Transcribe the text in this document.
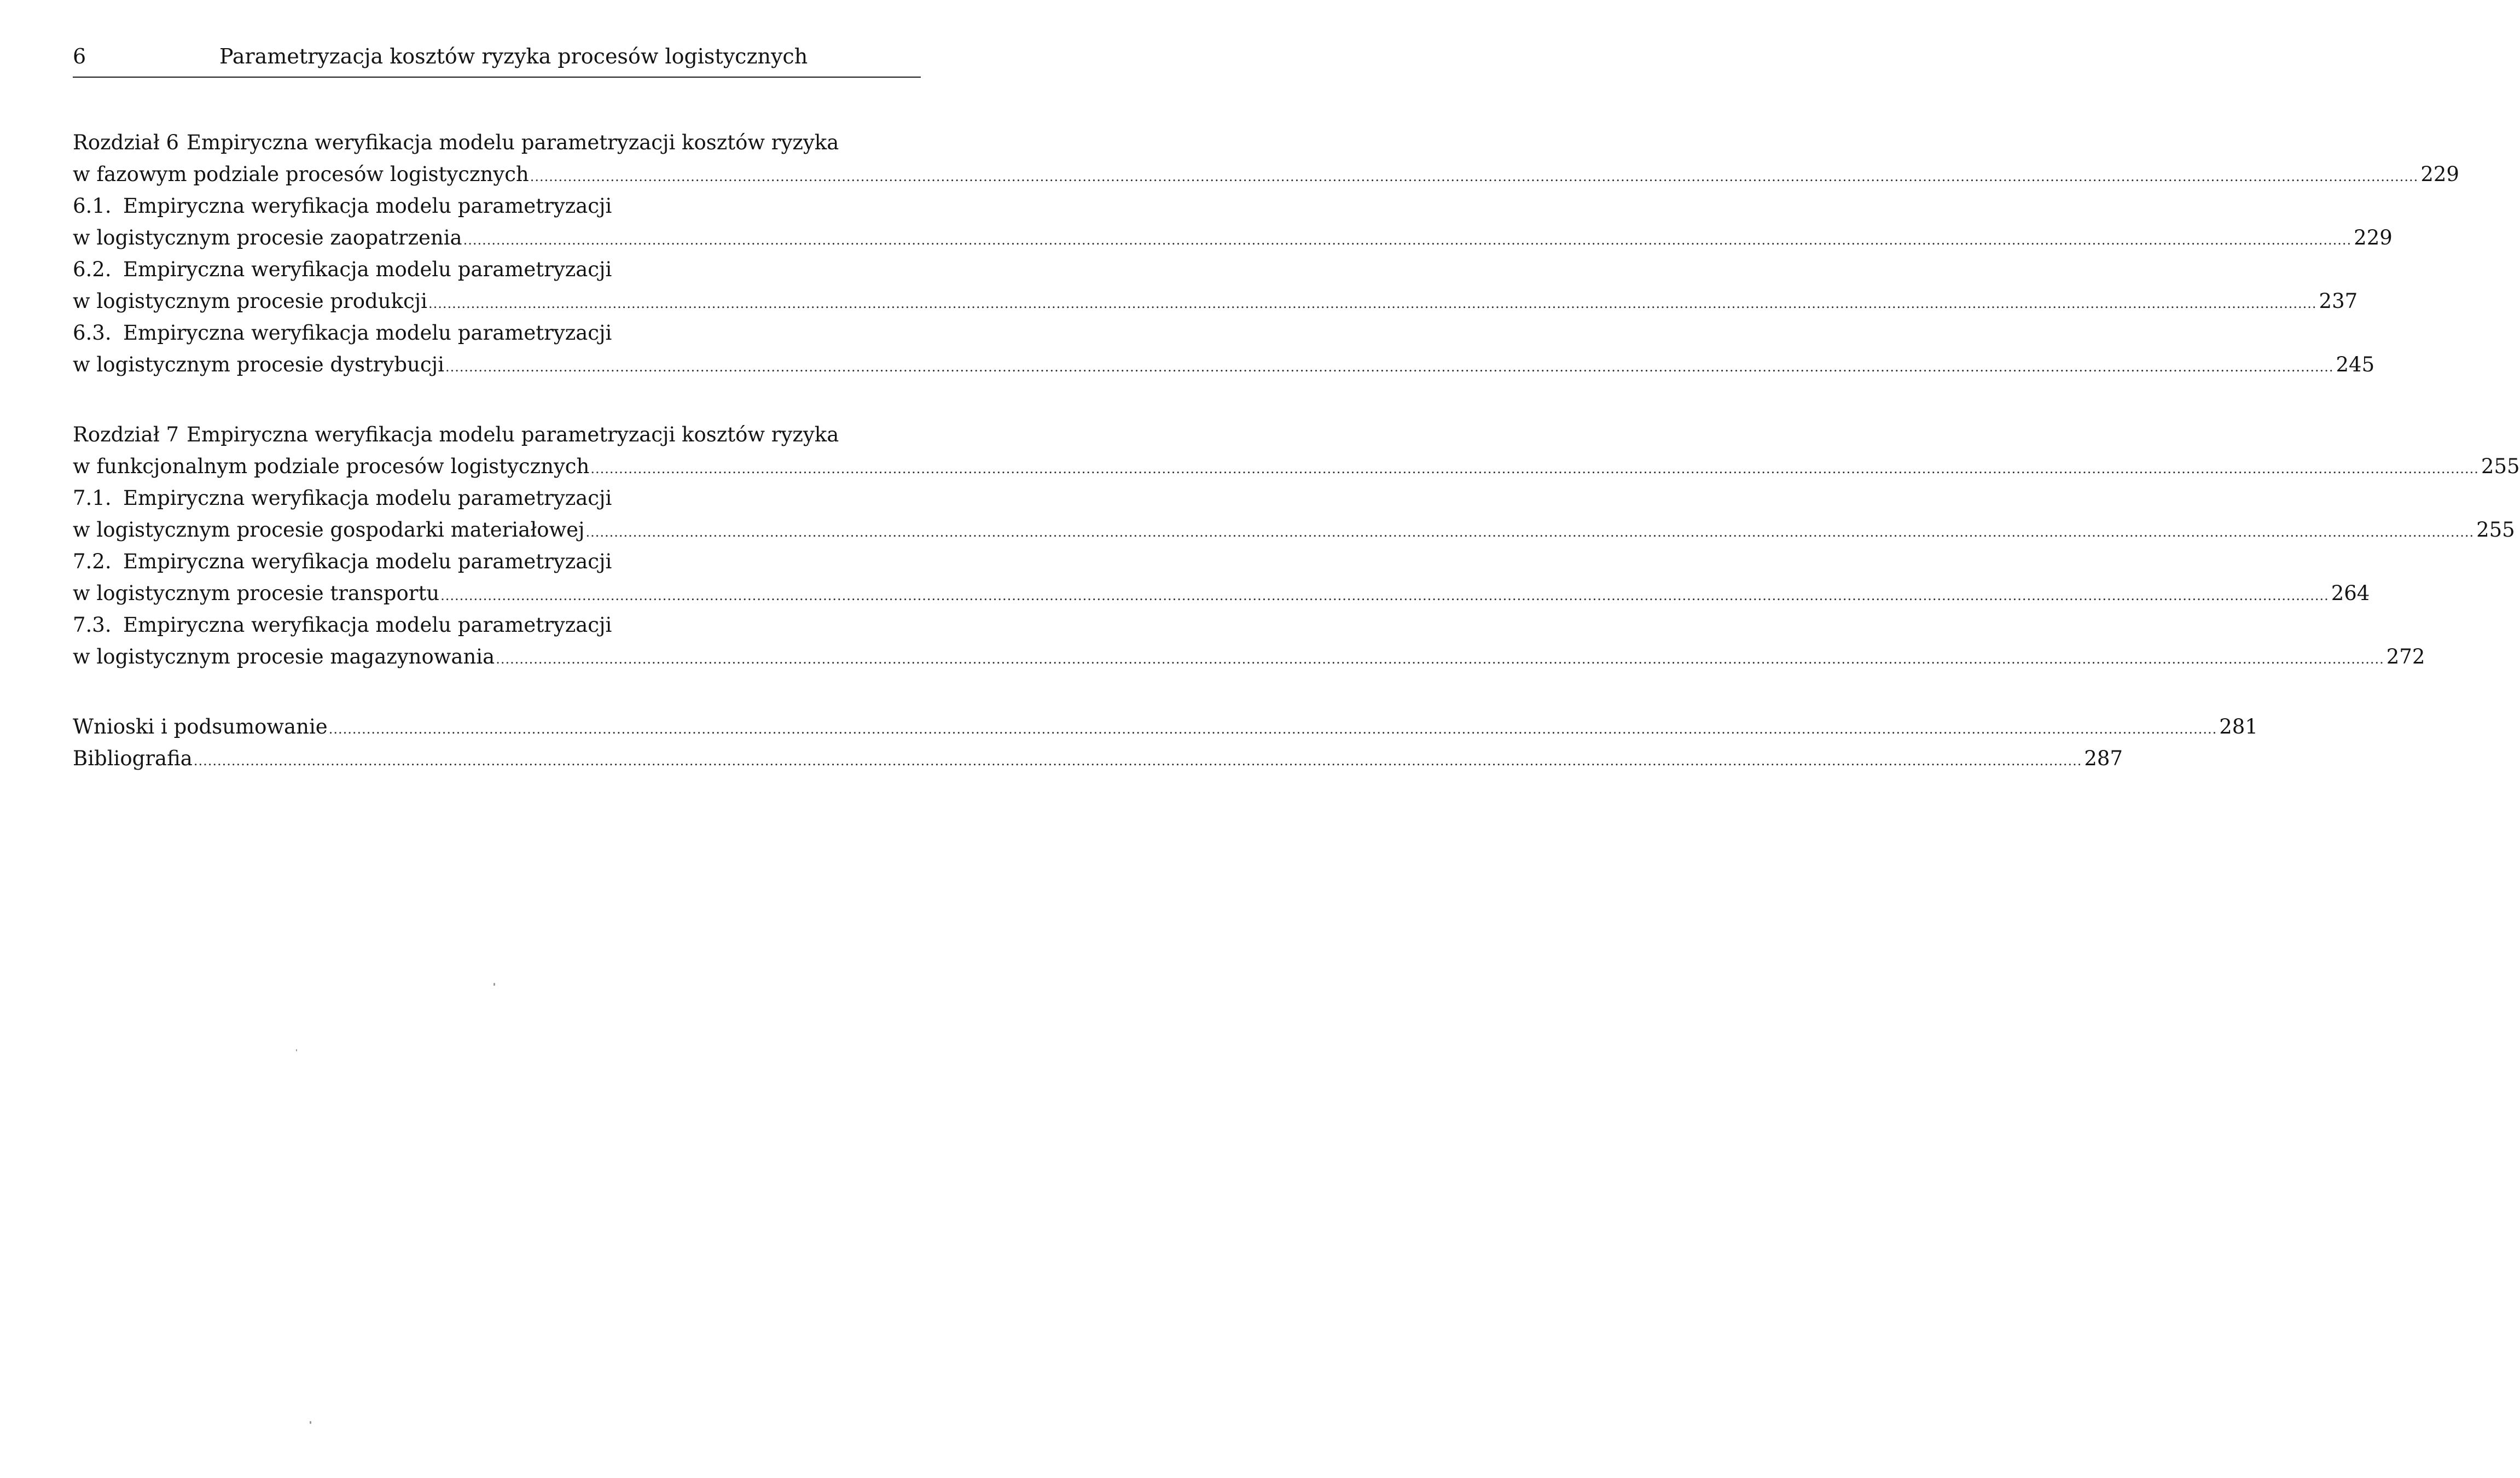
6	Parametryzacja kosztów ryzyka procesów logistycznych
Rozdział 6 Empiryczna weryfikacja modelu parametryzacji kosztów ryzyka
w fazowym podziale procesów logistycznych ................................................................................................................................................................................................................................................................................................................................................................................................................ 229
6.1. Empiryczna weryfikacja modelu parametryzacji
w logistycznym procesie zaopatrzenia ................................................................................................................................................................................................................................................................................................................................................................................................................ 229
6.2. Empiryczna weryfikacja modelu parametryzacji
w logistycznym procesie produkcji ................................................................................................................................................................................................................................................................................................................................................................................................................ 237
6.3. Empiryczna weryfikacja modelu parametryzacji
w logistycznym procesie dystrybucji ................................................................................................................................................................................................................................................................................................................................................................................................................ 245
Rozdział 7 Empiryczna weryfikacja modelu parametryzacji kosztów ryzyka
w funkcjonalnym podziale procesów logistycznych ................................................................................................................................................................................................................................................................................................................................................................................................................ 255
7.1. Empiryczna weryfikacja modelu parametryzacji
w logistycznym procesie gospodarki materiałowej ................................................................................................................................................................................................................................................................................................................................................................................................................ 255
7.2. Empiryczna weryfikacja modelu parametryzacji
w logistycznym procesie transportu ................................................................................................................................................................................................................................................................................................................................................................................................................ 264
7.3. Empiryczna weryfikacja modelu parametryzacji
w logistycznym procesie magazynowania ................................................................................................................................................................................................................................................................................................................................................................................................................ 272
Wnioski i podsumowanie ................................................................................................................................................................................................................................................................................................................................................................................................................ 281
Bibliografia ................................................................................................................................................................................................................................................................................................................................................................................................................ 287
